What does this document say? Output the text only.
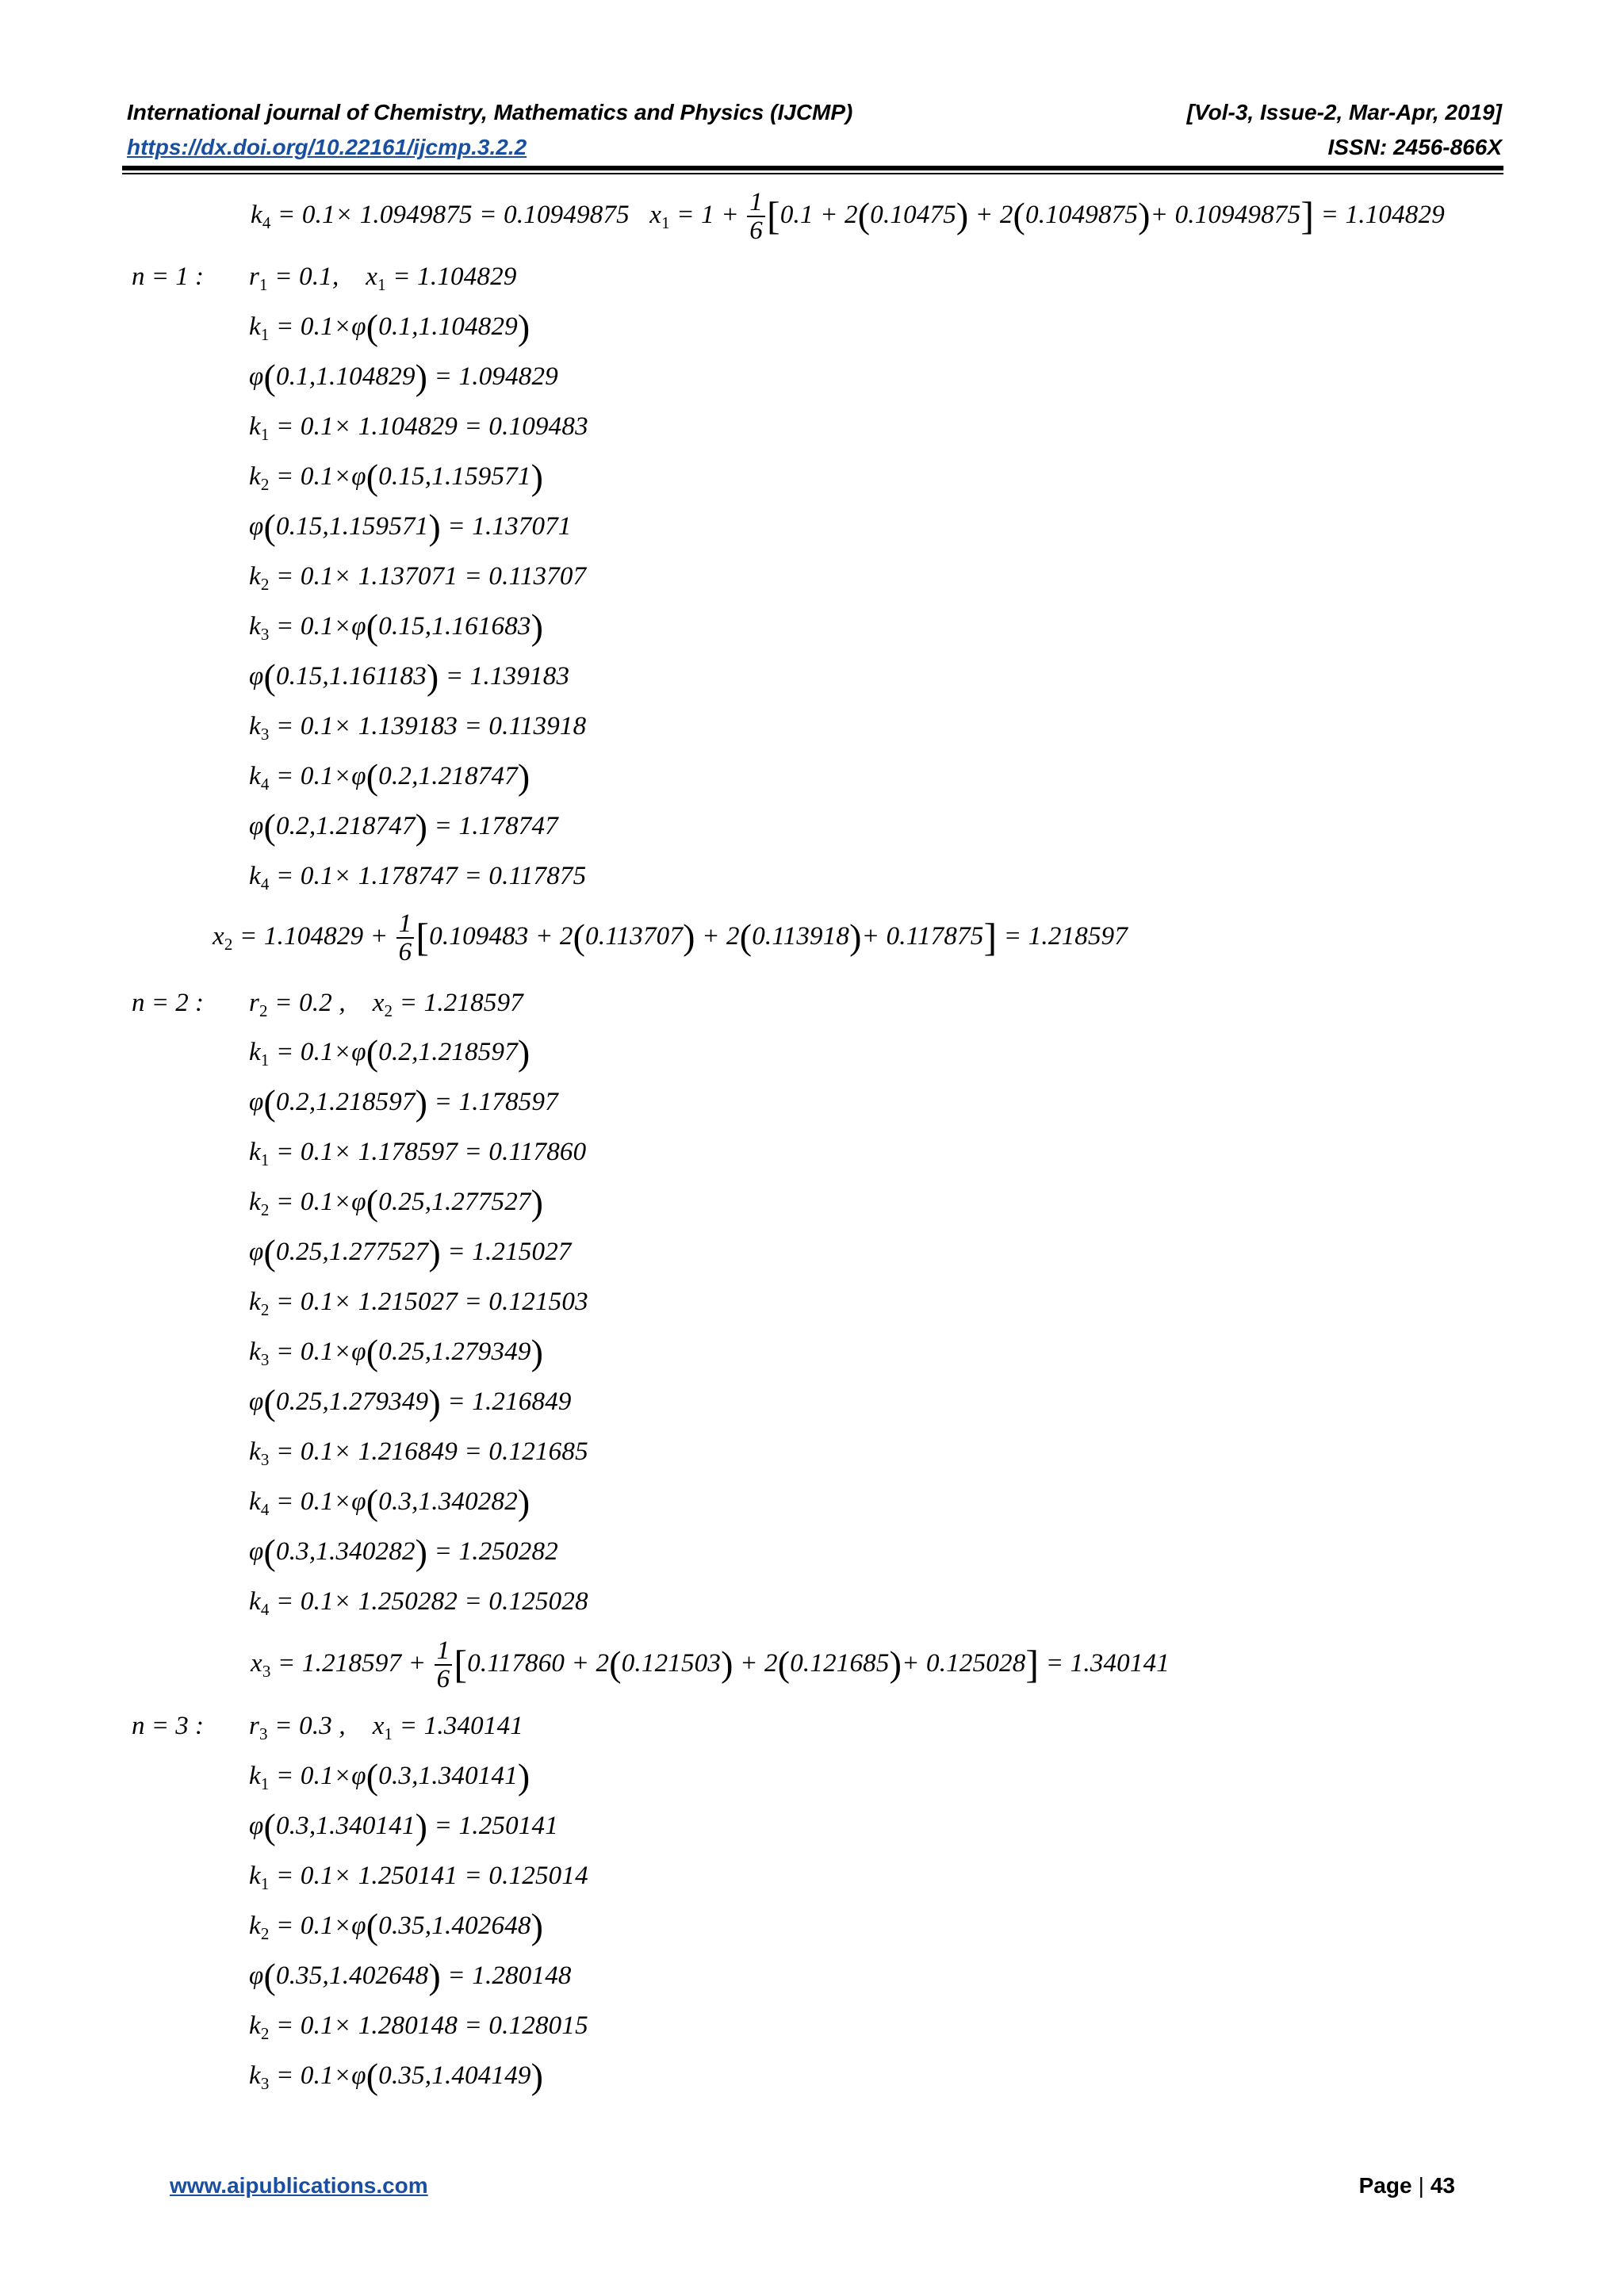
International journal of Chemistry, Mathematics and Physics (IJCMP)	[Vol-3, Issue-2, Mar-Apr, 2019]
https://dx.doi.org/10.22161/ijcmp.3.2.2	ISSN: 2456-866X
$k_4 = 0.1\times 1.0949875 = 0.10949875$ $x_1 = 1 + \frac{1}{6} [0.1 + 2(0.10475) + 2(0.1049875)+ 0.10949875] = 1.104829$
n = 1 : $r_1 = 0.1$, $x_1 = 1.104829$
$k_1 = 0.1\times\varphi(0.1,1.104829)$
φ(0.1,1.104829) = 1.094829
$k_1 = 0.1\times 1.104829 = 0.109483$
$k_2 = 0.1\times\varphi(0.15,1.159571)$
φ(0.15,1.159571) = 1.137071
$k_2 = 0.1\times 1.137071 = 0.113707$
$k_3 = 0.1\times\varphi(0.15,1.161683)$
φ(0.15,1.161183) = 1.139183
$k_3 = 0.1\times 1.139183 = 0.113918$
$k_4 = 0.1\times\varphi(0.2,1.218747)$
φ(0.2,1.218747) = 1.178747
$k_4 = 0.1\times 1.178747 = 0.117875$
$x_2 = 1.104829 + \frac{1}{6} [0.109483 + 2(0.113707) + 2(0.113918)+ 0.117875] = 1.218597$
n = 2 : $r_2 = 0.2$ , $x_2 = 1.218597$
$k_1 = 0.1\times\varphi(0.2,1.218597)$
φ(0.2,1.218597) = 1.178597
$k_1 = 0.1\times 1.178597 = 0.117860$
$k_2 = 0.1\times\varphi(0.25,1.277527)$
φ(0.25,1.277527) = 1.215027
$k_2 = 0.1\times 1.215027 = 0.121503$
$k_3 = 0.1\times\varphi(0.25,1.279349)$
φ(0.25,1.279349) = 1.216849
$k_3 = 0.1\times 1.216849 = 0.121685$
$k_4 = 0.1\times\varphi(0.3,1.340282)$
φ(0.3,1.340282) = 1.250282
$k_4 = 0.1\times 1.250282 = 0.125028$
$x_3 = 1.218597 + \frac{1}{6} [0.117860 + 2(0.121503) + 2(0.121685)+ 0.125028] = 1.340141$
n = 3 : $r_3 = 0.3$ , $x_1 = 1.340141$
$k_1 = 0.1\times\varphi(0.3,1.340141)$
φ(0.3,1.340141) = 1.250141
$k_1 = 0.1\times 1.250141 = 0.125014$
$k_2 = 0.1\times\varphi(0.35,1.402648)$
φ(0.35,1.402648) = 1.280148
$k_2 = 0.1\times 1.280148 = 0.128015$
$k_3 = 0.1\times\varphi(0.35,1.404149)$
www.aipublications.com	Page | 43
